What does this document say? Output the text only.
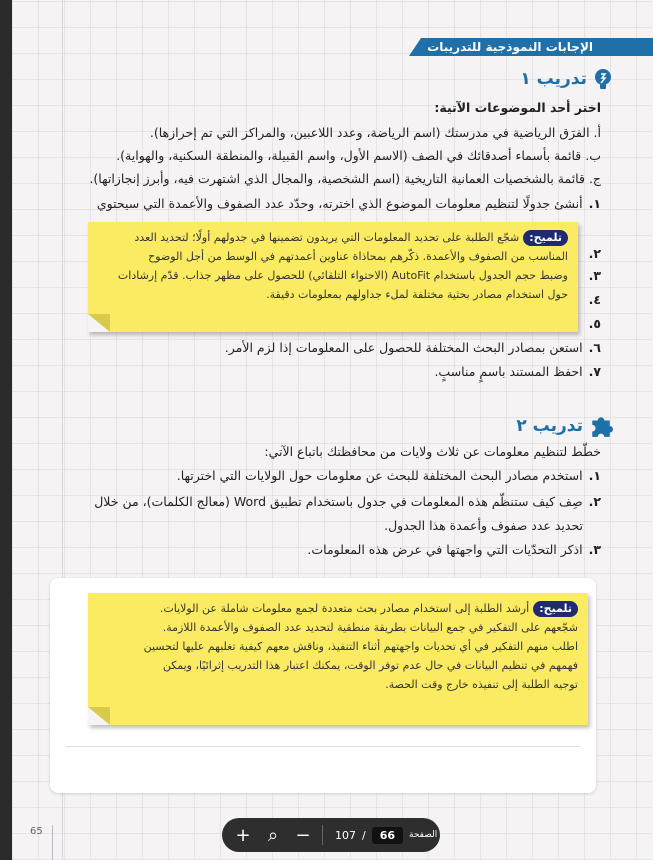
الإجابات النموذجية للتدريبات
تدريب ١
اختر أحد الموضوعات الآتية:
أ. الفرَق الرياضية في مدرستك (اسم الرياضة، وعدد اللاعبين، والمراكز التي تم إحرازها).
ب. قائمة بأسماء أصدقائك في الصف (الاسم الأول، واسم القبيلة، والمنطقة السكنية، والهواية).
ج. قائمة بالشخصيات العمانية التاريخية (اسم الشخصية، والمجال الذي اشتهرت فيه، وأبرز إنجازاتها).
١.أنشئ جدولًا لتنظيم معلومات الموضوع الذي اخترته، وحدّد عدد الصفوف والأعمدة التي سيحتوي
٢.
٣.
٤.
٥.
٦.استعن بمصادر البحث المختلفة للحصول على المعلومات إذا لزم الأمر.
٧.احفظ المستند باسمٍ مناسبٍ.
تلميح:شجّع الطلبة على تحديد المعلومات التي يريدون تضمينها في جدولهم أولًا؛ لتحديد العدد
المناسب من الصفوف والأعمدة. ذكّرهم بمحاذاة عناوين أعمدتهم في الوسط من أجل الوضوح
وضبط حجم الجدول باستخدام AutoFit (الاحتواء التلقائي) للحصول على مظهر جذاب. قدّم إرشادات
حول استخدام مصادر بحثية مختلفة لملء جداولهم بمعلومات دقيقة.
تدريب ٢
خطّط لتنظيم معلومات عن ثلاث ولايات من محافظتك باتباع الآتي:
١.استخدم مصادر البحث المختلفة للبحث عن معلومات حول الولايات التي اخترتها.
٢.صِف كيف ستنظّم هذه المعلومات في جدول باستخدام تطبيق Word (معالج الكلمات)، من خلال
تحديد عدد صفوف وأعمدة هذا الجدول.
٣.اذكر التحدّيات التي واجهتها في عرض هذه المعلومات.
تلميح:أرشد الطلبة إلى استخدام مصادر بحث متعددة لجمع معلومات شاملة عن الولايات.
شجّعهم على التفكير في جمع البيانات بطريقة منطقية لتحديد عدد الصفوف والأعمدة اللازمة.
اطلب منهم التفكير في أي تحديات واجهتهم أثناء التنفيذ، وناقش معهم كيفية تغلبهم عليها لتحسين
فهمهم في تنظيم البيانات في حال عدم توفر الوقت، يمكنك اعتبار هذا التدريب إثرائيًا، ويمكن
توجيه الطلبة إلى تنفيذه خارج وقت الحصة.
65	+ ⌕ −	107 /	66	الصفحة
